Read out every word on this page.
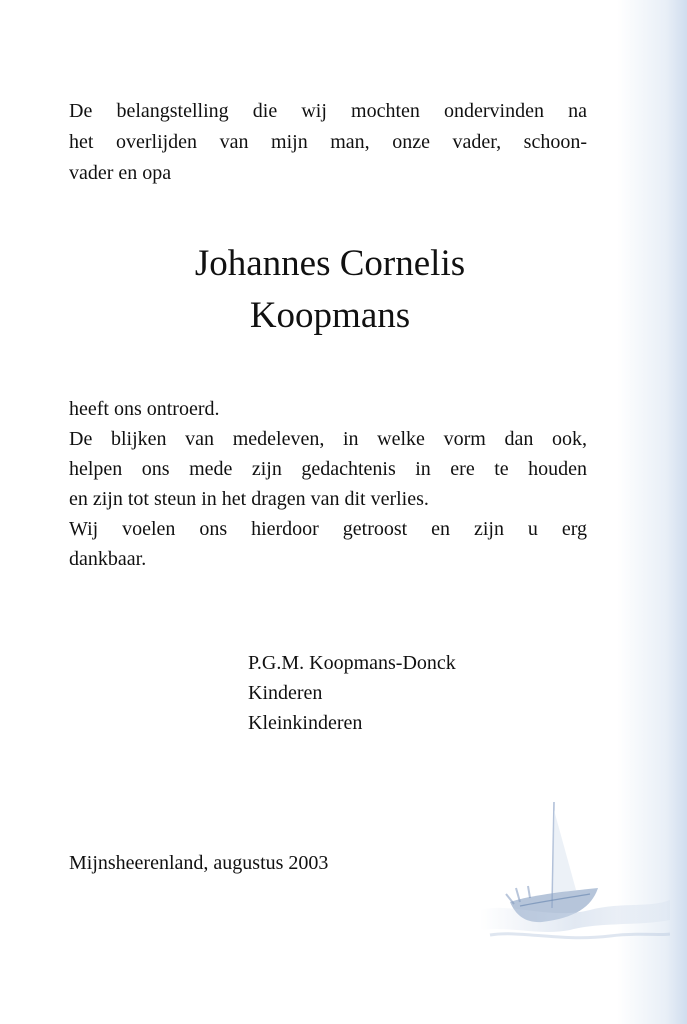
De belangstelling die wij mochten ondervinden na
het overlijden van mijn man, onze vader, schoon-
vader en opa
Johannes Cornelis
Koopmans
heeft ons ontroerd.
De blijken van medeleven, in welke vorm dan ook,
helpen ons mede zijn gedachtenis in ere te houden
en zijn tot steun in het dragen van dit verlies.
Wij voelen ons hierdoor getroost en zijn u erg
dankbaar.
P.G.M. Koopmans-Donck
Kinderen
Kleinkinderen
Mijnsheerenland, augustus 2003
